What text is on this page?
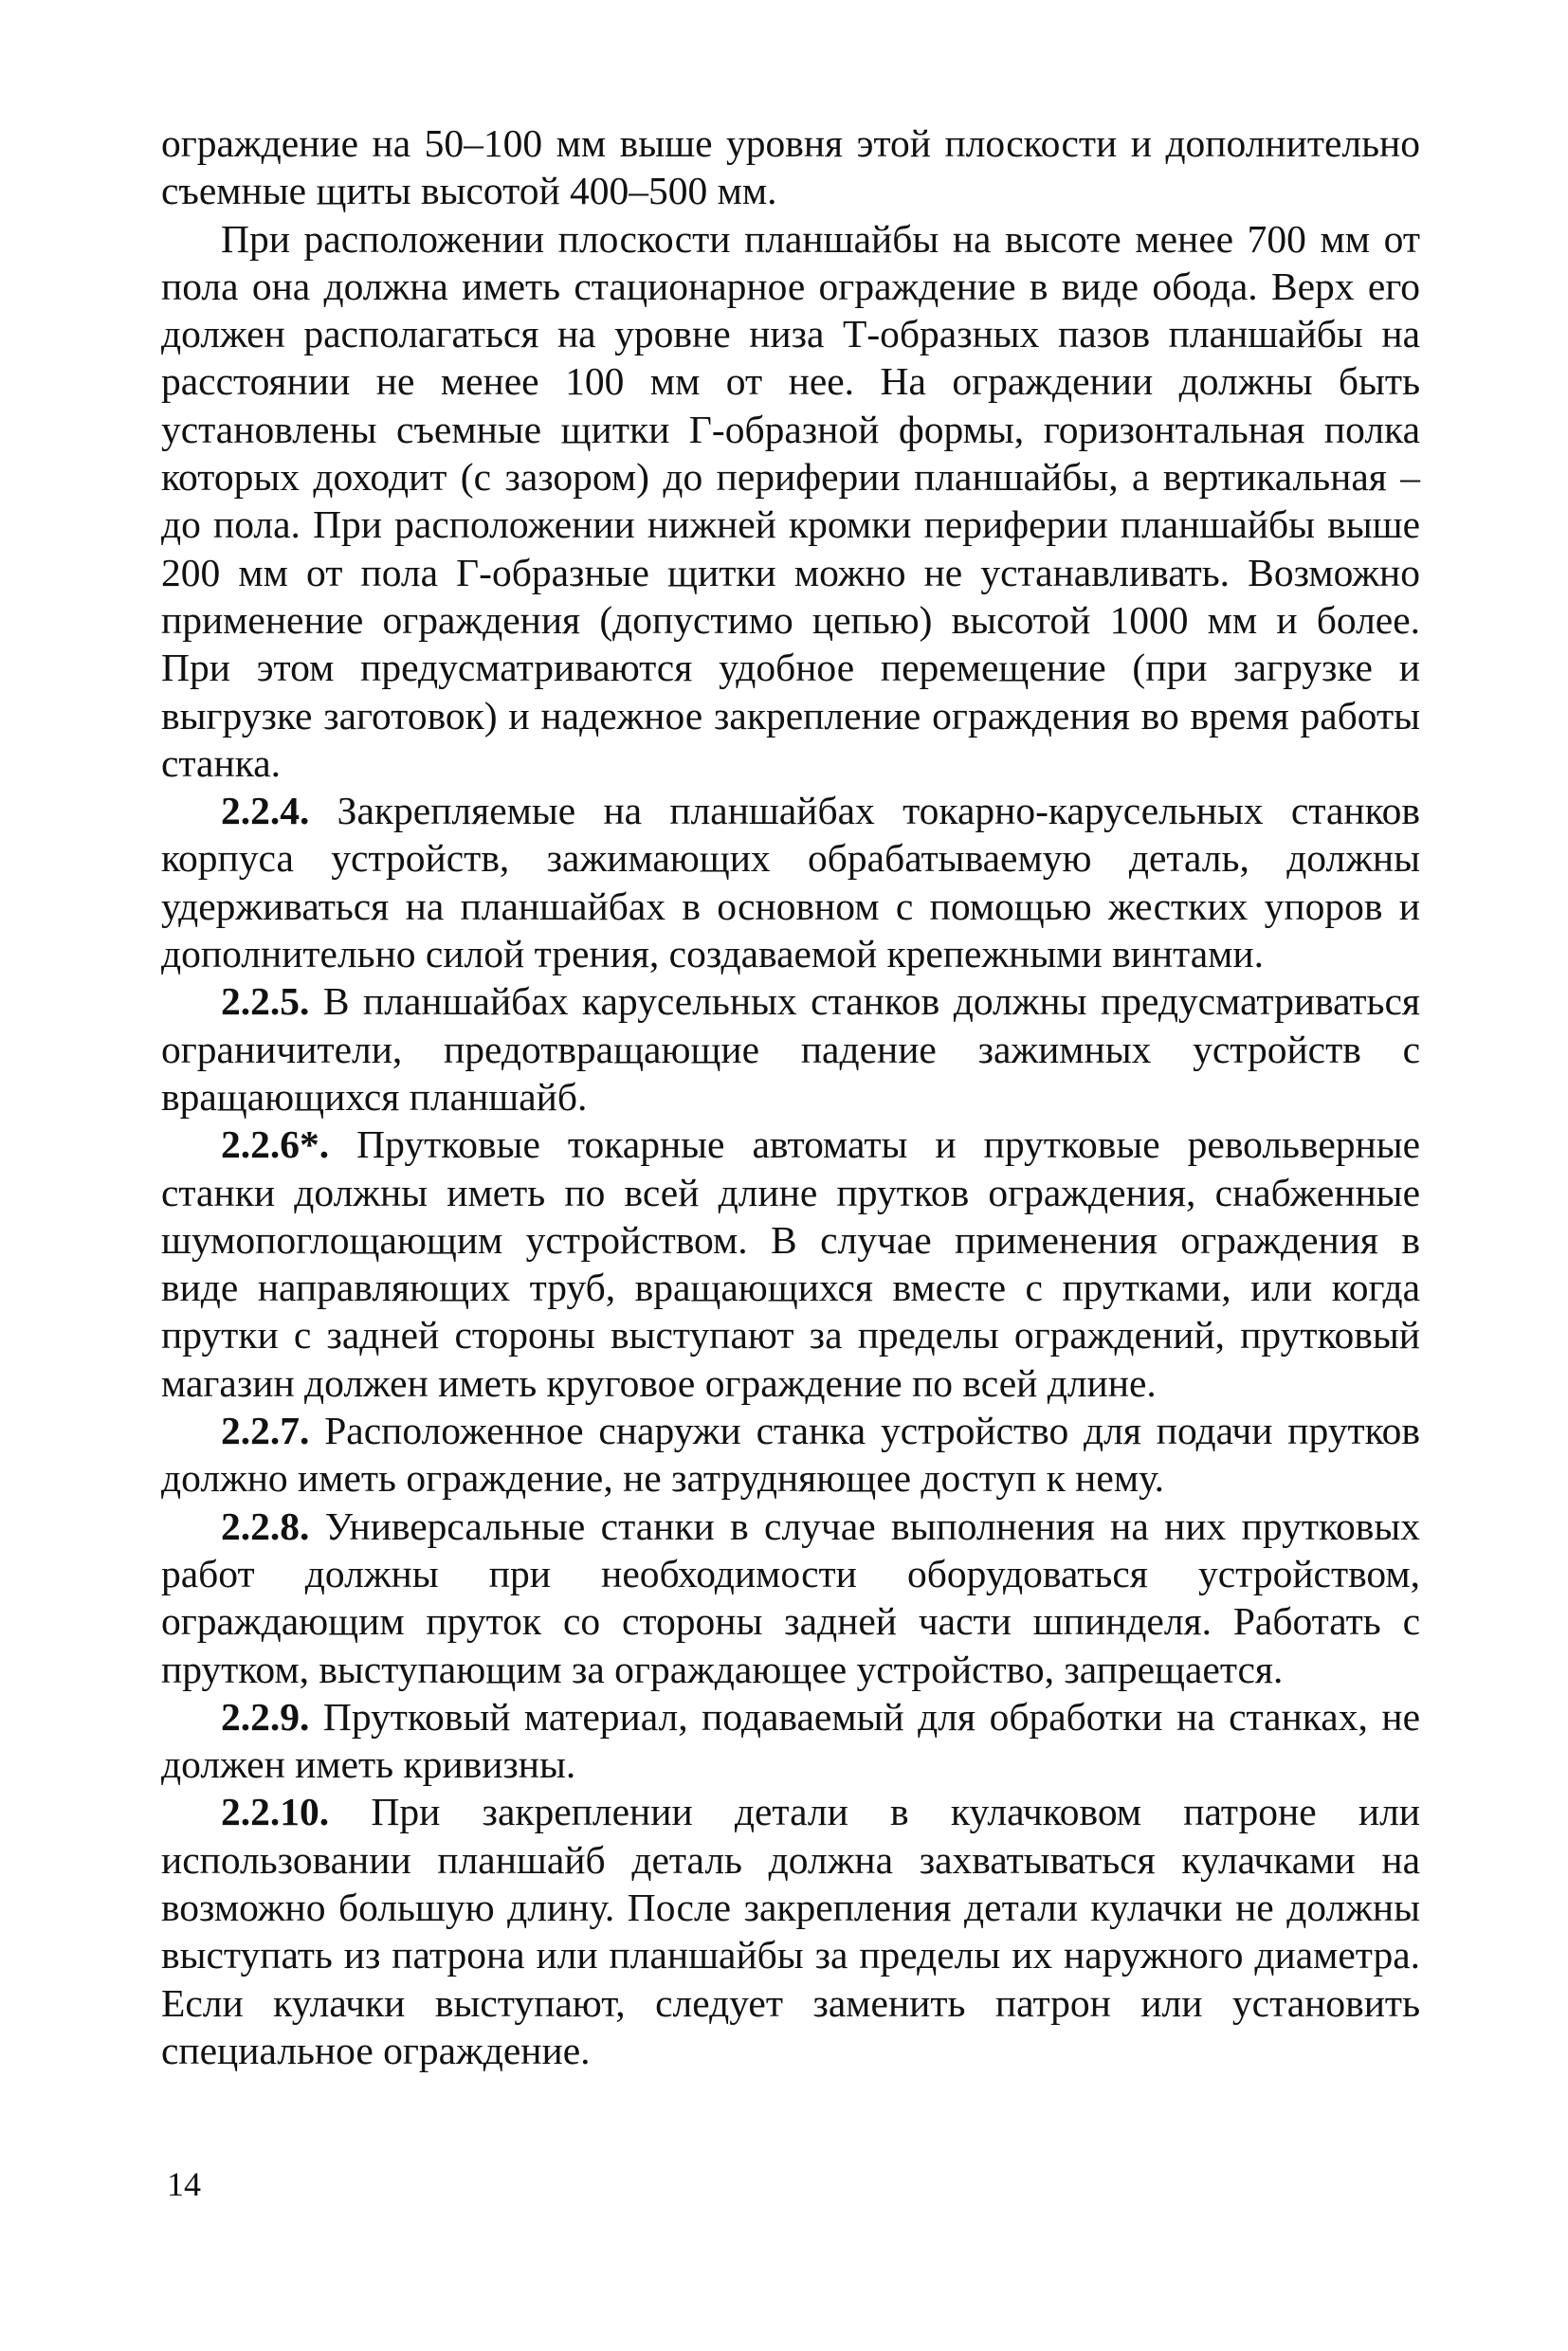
ограждение на 50–100 мм выше уровня этой плоскости и дополнительно съемные щиты высотой 400–500 мм.

При расположении плоскости планшайбы на высоте менее 700 мм от пола она должна иметь стационарное ограждение в виде обода. Верх его должен располагаться на уровне низа Т-образных пазов планшайбы на расстоянии не менее 100 мм от нее. На ограждении должны быть установлены съемные щитки Г-образной формы, горизонтальная полка которых доходит (с зазором) до периферии планшайбы, а вертикальная – до пола. При расположении нижней кромки периферии планшайбы выше 200 мм от пола Г-образные щитки можно не устанавливать. Возможно применение ограждения (допустимо цепью) высотой 1000 мм и более. При этом предусматриваются удобное перемещение (при загрузке и выгрузке заготовок) и надежное закрепление ограждения во время работы станка.

2.2.4. Закрепляемые на планшайбах токарно-карусельных станков корпуса устройств, зажимающих обрабатываемую деталь, должны удерживаться на планшайбах в основном с помощью жестких упоров и дополнительно силой трения, создаваемой крепежными винтами.

2.2.5. В планшайбах карусельных станков должны предусматриваться ограничители, предотвращающие падение зажимных устройств с вращающихся планшайб.

2.2.6*. Прутковые токарные автоматы и прутковые револьверные станки должны иметь по всей длине прутков ограждения, снабженные шумопоглощающим устройством. В случае применения ограждения в виде направляющих труб, вращающихся вместе с прутками, или когда прутки с задней стороны выступают за пределы ограждений, прутковый магазин должен иметь круговое ограждение по всей длине.

2.2.7. Расположенное снаружи станка устройство для подачи прутков должно иметь ограждение, не затрудняющее доступ к нему.

2.2.8. Универсальные станки в случае выполнения на них прутковых работ должны при необходимости оборудоваться устройством, ограждающим пруток со стороны задней части шпинделя. Работать с прутком, выступающим за ограждающее устройство, запрещается.

2.2.9. Прутковый материал, подаваемый для обработки на станках, не должен иметь кривизны.

2.2.10. При закреплении детали в кулачковом патроне или использовании планшайб деталь должна захватываться кулачками на возможно большую длину. После закрепления детали кулачки не должны выступать из патрона или планшайбы за пределы их наружного диаметра. Если кулачки выступают, следует заменить патрон или установить специальное ограждение.

14
